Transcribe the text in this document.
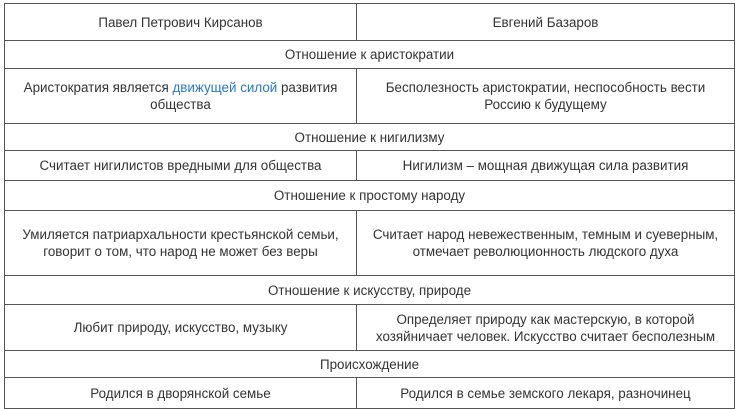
Павел Петрович Кирсанов	Евгений Базаров
Отношение к аристократии	
Аристократия является движущей силой развития общества	Бесполезность аристократии, неспособность вести Россию к будущему
Отношение к нигилизму	
Считает нигилистов вредными для общества	Нигилизм – мощная движущая сила развития
Отношение к простому народу	
Умиляется патриархальности крестьянской семьи, говорит о том, что народ не может без веры	Считает народ невежественным, темным и суеверным, отмечает революционность людского духа
Отношение к искусству, природе	
Любит природу, искусство, музыку	Определяет природу как мастерскую, в которой хозяйничает человек. Искусство считает бесполезным
Происхождение	
Родился в дворянской семье	Родился в семье земского лекаря, разночинец
